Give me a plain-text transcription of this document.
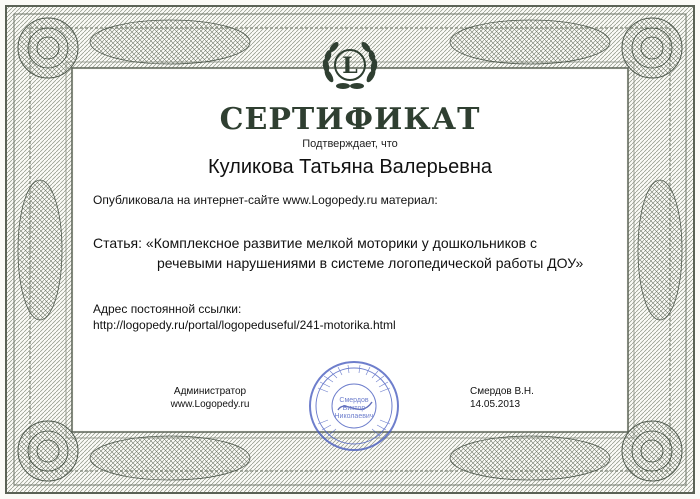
L
СЕРТИФИКАТ
Подтверждает, что
Куликова Татьяна Валерьевна
Опубликовала на интернет-сайте www.Logopedy.ru материал:
Статья: «Комплексное развитие мелкой моторики у дошкольников с
речевыми нарушениями в системе логопедической работы ДОУ»
Адрес постоянной ссылки:
http://logopedy.ru/portal/logopeduseful/241-motorika.html
Администратор
www.Logopedy.ru
Смердов В.Н.
14.05.2013
Смердов
Виктор
Николаевич
